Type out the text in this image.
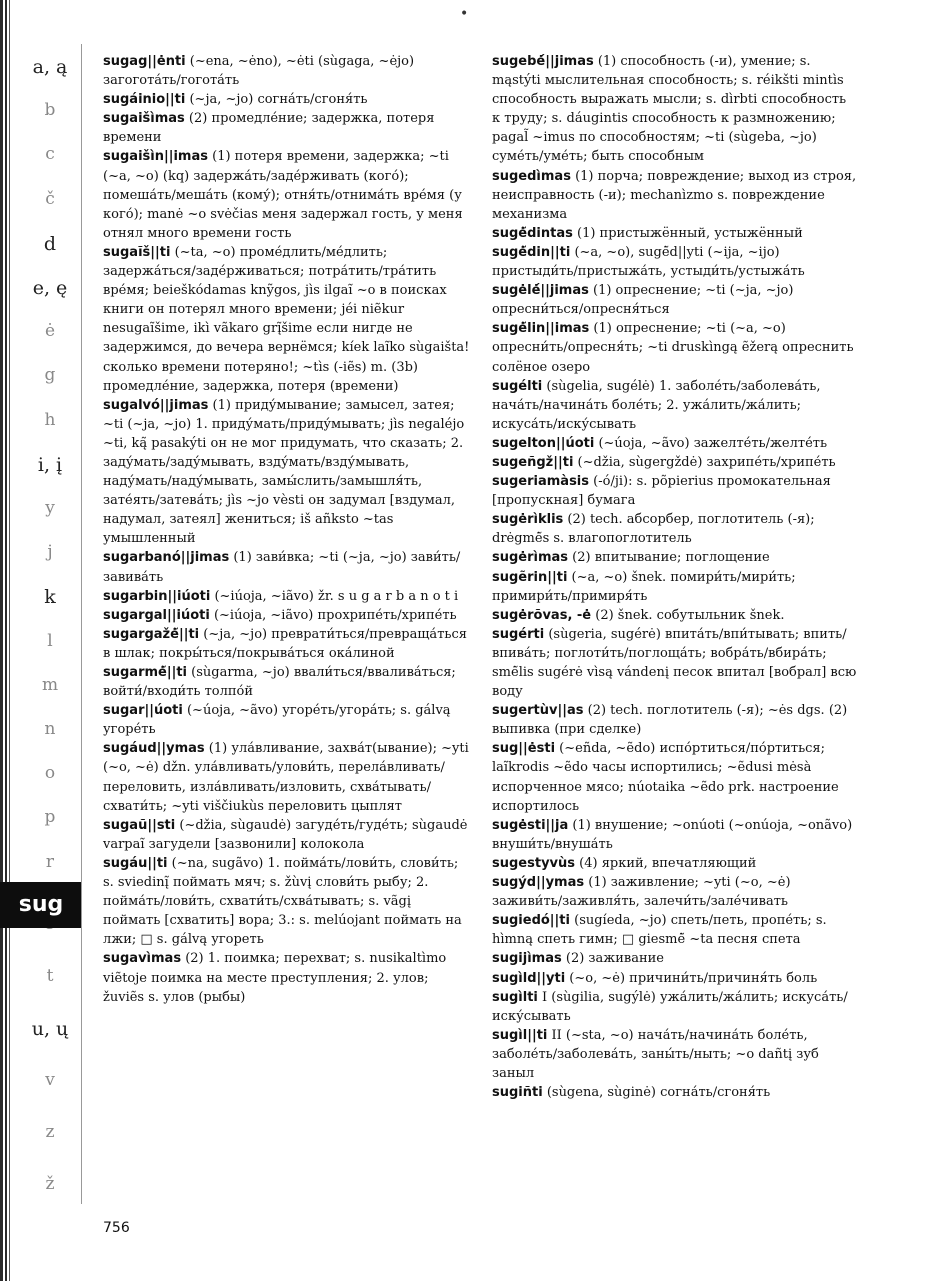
•
a, ą
b
c
č
d
e, ę
ė
g
h
i, į
y
j
k
l
m
n
o
p
r
t
u, ų
v
z
ž
sug

sugag||ėnti (~ena, ~ėno), ~ėti (sùgaga, ~ėjo) загогота́ть/гогота́ть

sugáinio||ti (~ja, ~jo) согна́ть/сгоня́ть

sugaišìmas (2) промедле́ние; задержка, потеря времени

sugaišìn||imas (1) потеря времени, задержка; ~ti (~a, ~o) (kq) задержа́ть/заде́рживать (кого́); помеша́ть/меша́ть (кому́); отня́ть/отнима́ть вре́мя (у кого́); manė ~o svėčias меня задержал гость, у меня отнял много времени гость

sugaĩš||ti (~ta, ~o) проме́длить/ме́длить; задержа́ться/заде́рживаться; потра́тить/тра́тить вре́мя; beieškódamas knỹgos, jìs ilgaĩ ~o в поисках книги он потерял много времени; jéi niẽkur nesugaĩšime, ikì vãkaro grį̃šime если нигде не задержимся, до вечера вернёмся; kíek laĩko sùgaišta! сколько времени потеряно!; ~tìs (-iẽs) m. (3b) промедле́ние, задержка, потеря (времени)

sugalvó||jimas (1) приду́мывание; замысел, затея; ~ti (~ja, ~jo) 1. приду́мать/приду́мывать; jìs negaléjo ~ti, ką̃ pasakýti он не мог придумать, что сказать; 2. заду́мать/заду́мывать, взду́мать/взду́мывать, наду́мать/наду́мывать, замы́слить/замышля́ть, зате́ять/затева́ть; jìs ~jo vèsti он задумал [вздумал, надумал, затеял] жениться; iš añksto ~tas умышленный

sugarbanó||jimas (1) зави́вка; ~ti (~ja, ~jo) зави́ть/завива́ть

sugarbin||iúoti (~iúoja, ~iãvo) žr. s u g a r b a n o t i

sugargal||iúoti (~iúoja, ~iãvo) прохрипе́ть/хрипе́ть

sugargažė̃||ti (~ja, ~jo) преврати́ться/превраща́ться в шлак; покры́ться/покрыва́ться ока́линой

sugarmė̃||ti (sùgarma, ~jo) ввали́ться/ввалива́ться; войти́/входи́ть толпо́й

sugar||úoti (~úoja, ~ãvo) угоре́ть/угора́ть; s. gálvą угоре́ть

sugáud||ymas (1) ула́вливание, захва́т(ывание); ~yti (~o, ~ė) džn. ула́вливать/улови́ть, перела́вливать/переловить, изла́вливать/изловить, схва́тывать/схвати́ть; ~yti viščiukùs переловить цыплят

sugaũ||sti (~džia, sùgaudė) загуде́ть/гуде́ть; sùgaudė varpaĩ загудели [зазвонили] колокола

sugáu||ti (~na, sugãvo) 1. пойма́ть/лови́ть, слови́ть; s. sviedinį̃ поймать мяч; s. žùvį слови́ть рыбу; 2. пойма́ть/лови́ть, схвати́ть/схва́тывать; s. vãgį поймать [схватить] вора; 3.: s. melúojant поймать на лжи; □ s. gálvą угореть

sugavìmas (2) 1. поимка; перехват; s. nusikaltìmo viẽtoje поимка на месте преступления; 2. улов; žuviẽs s. улов (рыбы)

sugebė́||jimas (1) способность (-и), умение; s. mąstýti мыслительная способность; s. réikšti mintìs способность выражать мысли; s. dìrbti способность к труду; s. dáugintis способность к размножению; pagal̃ ~imus по способностям; ~ti (sùgeba, ~jo) суме́ть/уме́ть; быть способным

sugedìmas (1) порча; повреждение; выход из строя, неисправность (-и); mechanìzmo s. повреждение механизма

sugė̃dintas (1) пристыжённый, устыжённый

sugė̃din||ti (~a, ~o), sugė̃d||yti (~ija, ~ijo) пристыди́ть/пристыжа́ть, устыди́ть/устыжа́ть

sugėlė́||jimas (1) опреснение; ~ti (~ja, ~jo) опресни́ться/опресня́ться

sugė̃lin||imas (1) опреснение; ~ti (~a, ~o) опресни́ть/опресня́ть; ~ti druskìngą ẽžerą опреснить солёное озеро

sugélti (sùgelia, sugélė) 1. заболе́ть/заболева́ть, нача́ть/начина́ть боле́ть; 2. ужа́лить/жа́лить; искуса́ть/иску́сывать

sugelton||úoti (~úoja, ~ãvo) зажелте́ть/желте́ть

sugeñgž||ti (~džia, sùgergždė) захрипе́ть/хрипе́ть

sugeriamàsis (-ó/ji): s. põpierius промокательная [пропускная] бумага

sugėrìklis (2) tech. абсорбер, поглотитель (-я); drėgmė̃s s. влагопоглотитель

sugėrìmas (2) впитывание; поглощение

sugẽrin||ti (~a, ~o) šnek. помири́ть/мири́ть; примири́ть/примиря́ть

sugėrõvas, -ė (2) šnek. собутыльник šnek.

sugérti (sùgeria, sugérė) впита́ть/впи́тывать; впить/впива́ть; поглоти́ть/поглоща́ть; вобра́ть/вбира́ть; smė̃lis sugérė vìsą vándenį песок впитал [вобрал] всю воду

sugertùv||as (2) tech. поглотитель (-я); ~ės dgs. (2) выпивка (при сделке)

sug||ėsti (~eñda, ~ẽdo) испо́ртиться/по́ртиться; laĩkrodis ~ẽdo часы испортились; ~ẽdusi mėsà испорченное мясо; núotaika ~ẽdo prk. настроение испортилось

sugėsti||ja (1) внушение; ~onúoti (~onúoja, ~onãvo) внуши́ть/внуша́ть

sugestyvùs (4) яркий, впечатляющий

sugýd||ymas (1) заживление; ~yti (~o, ~ė) заживи́ть/заживля́ть, залечи́ть/зале́чивать

sugiedó||ti (sugíeda, ~jo) спеть/петь, пропе́ть; s. hìmną спеть гимн; □ giesmė̃ ~ta песня спета

sugijìmas (2) заживание

sugìld||yti (~o, ~ė) причини́ть/причиня́ть боль

sugìlti I (sùgilia, sugýlė) ужа́лить/жа́лить; искуса́ть/иску́сывать

sugìl||ti II (~sta, ~o) нача́ть/начина́ть боле́ть, заболе́ть/заболева́ть, заны́ть/ныть; ~o dañtį зуб заныл

sugiñti (sùgena, sùginė) согна́ть/сгоня́ть

756
